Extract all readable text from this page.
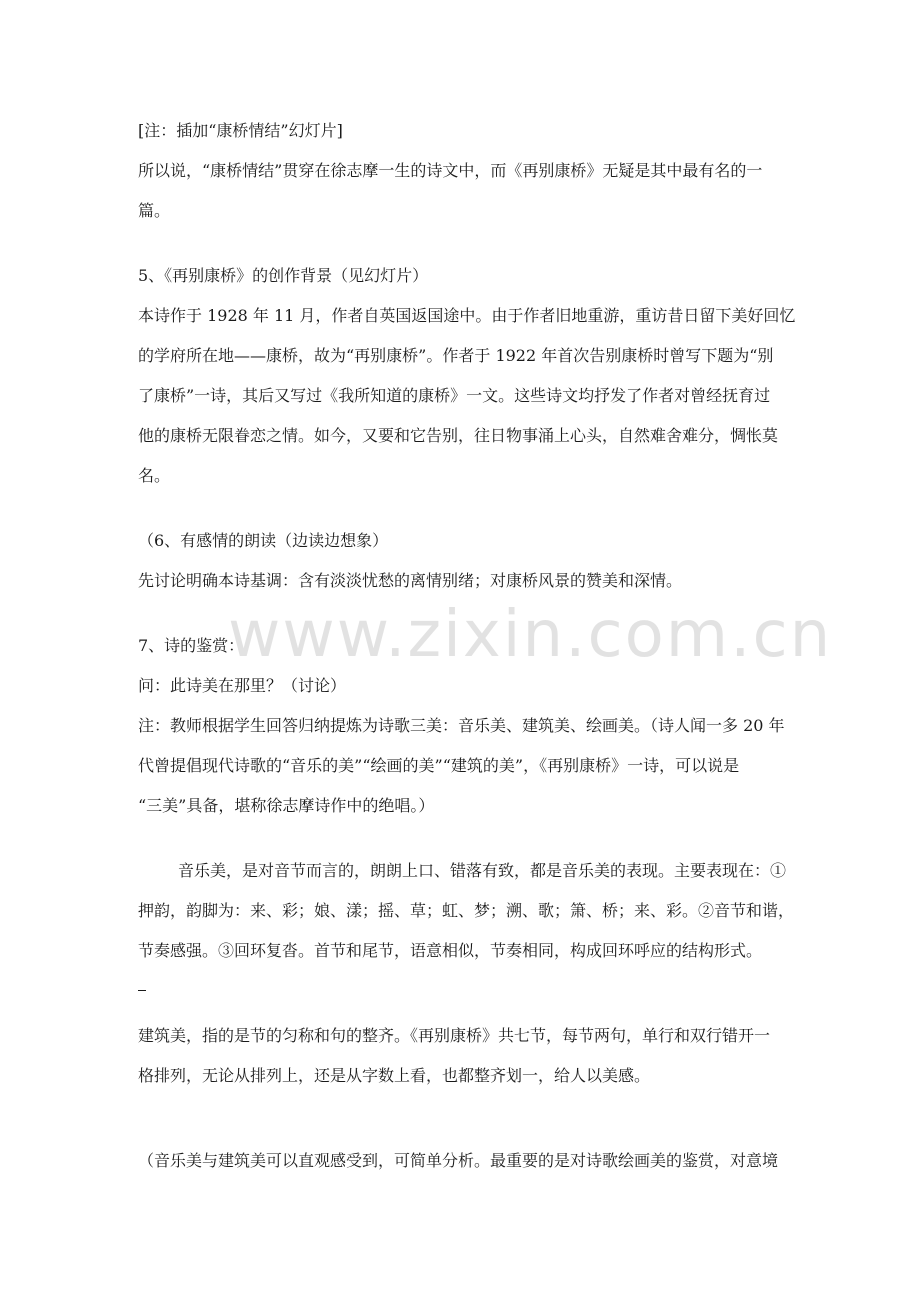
www.zixin.com.cn
[注：插加“康桥情结”幻灯片]
所以说，“康桥情结”贯穿在徐志摩一生的诗文中，而《再别康桥》无疑是其中最有名的一
篇。
5、《再别康桥》的创作背景（见幻灯片）
本诗作于 1928 年 11 月，作者自英国返国途中。由于作者旧地重游，重访昔日留下美好回忆
的学府所在地——康桥，故为“再别康桥”。作者于 1922 年首次告别康桥时曾写下题为“别
了康桥”一诗，其后又写过《我所知道的康桥》一文。这些诗文均抒发了作者对曾经抚育过
他的康桥无限眷恋之情。如今，又要和它告别，往日物事涌上心头，自然难舍难分，惆怅莫
名。
（6、有感情的朗读（边读边想象）
先讨论明确本诗基调：含有淡淡忧愁的离情别绪；对康桥风景的赞美和深情。
7、诗的鉴赏：
问：此诗美在那里？（讨论）
注：教师根据学生回答归纳提炼为诗歌三美：音乐美、建筑美、绘画美。（诗人闻一多 20 年
代曾提倡现代诗歌的“音乐的美”“绘画的美”“建筑的美”，《再别康桥》一诗，可以说是
“三美”具备，堪称徐志摩诗作中的绝唱。）
音乐美，是对音节而言的，朗朗上口、错落有致，都是音乐美的表现。主要表现在：①
押韵，韵脚为：来、彩；娘、漾；摇、草；虹、梦；溯、歌；箫、桥；来、彩。②音节和谐，
节奏感强。③回环复沓。首节和尾节，语意相似，节奏相同，构成回环呼应的结构形式。
建筑美，指的是节的匀称和句的整齐。《再别康桥》共七节，每节两句，单行和双行错开一
格排列，无论从排列上，还是从字数上看，也都整齐划一，给人以美感。
（音乐美与建筑美可以直观感受到，可简单分析。最重要的是对诗歌绘画美的鉴赏，对意境
